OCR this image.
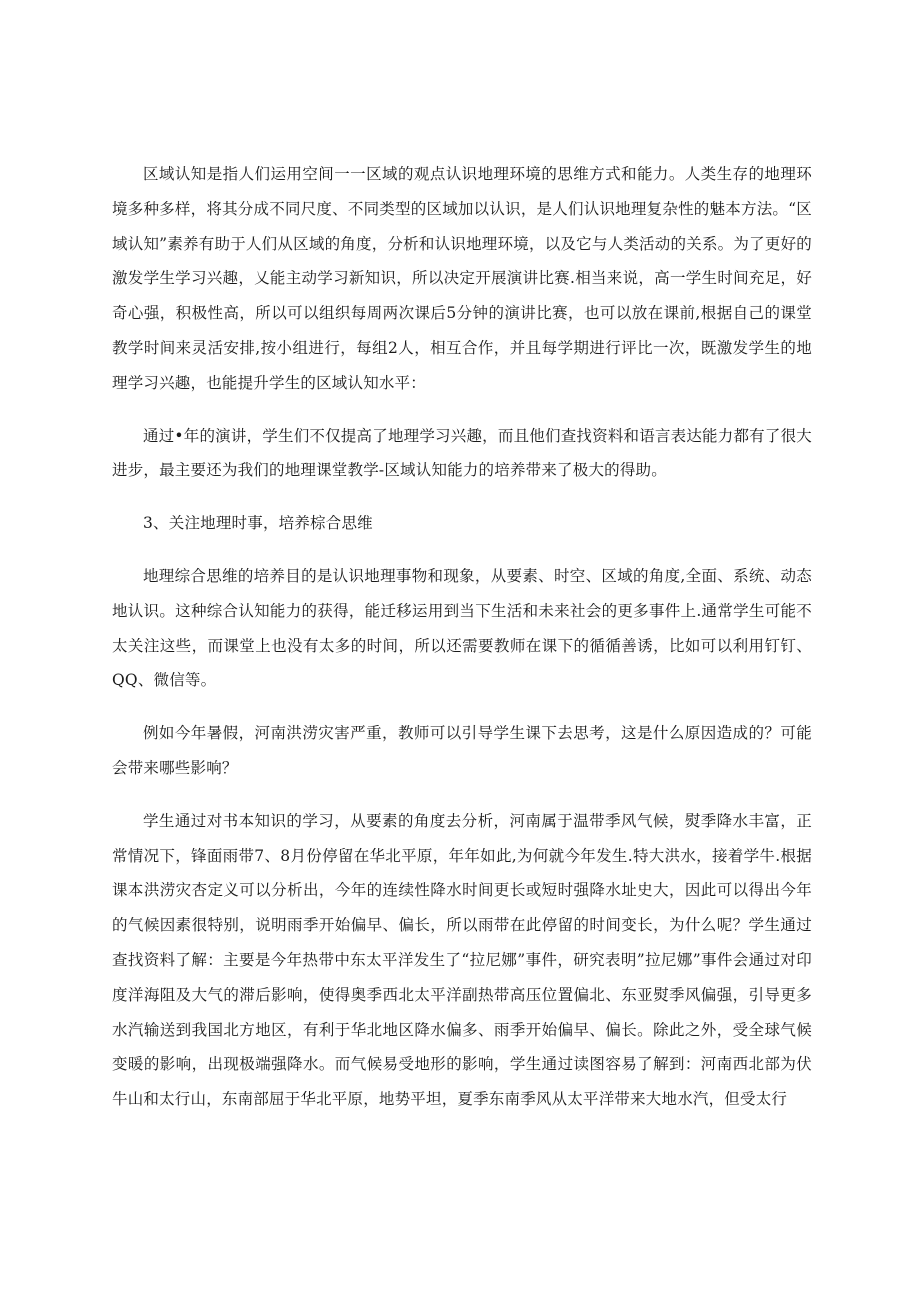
区域认知是指人们运用空间一一区域的观点认识地理环境的思维方式和能力。人类生存的地理环境多种多样，将其分成不同尺度、不同类型的区域加以认识，是人们认识地理复杂性的魅本方法。“区域认知”素养有助于人们从区域的角度，分析和认识地理环境，以及它与人类活动的关系。为了更好的激发学生学习兴趣，乂能主动学习新知识，所以决定开展演讲比赛.相当来说，高一学生时间充足，好奇心强，积极性高，所以可以组织每周两次课后5分钟的演讲比赛，也可以放在课前,根据自己的课堂教学时间来灵活安排,按小组进行，每组2人，相互合作，并且每学期进行评比一次，既激发学生的地理学习兴趣，也能提升学生的区域认知水平：

通过•年的演讲，学生们不仅提高了地理学习兴趣，而且他们查找资料和语言表达能力都有了很大进步，最主要还为我们的地理课堂教学-区域认知能力的培养带来了极大的得助。

3、关注地理时事，培养棕合思维

地理综合思维的培养目的是认识地理事物和现象，从要素、时空、区域的角度,全面、系统、动态地认识。这种综合认知能力的获得，能迁移运用到当下生活和未来社会的更多事件上.通常学生可能不太关注这些，而课堂上也没有太多的时间，所以还需要教师在课下的循循善诱，比如可以利用钉钉、QQ、微信等。

例如今年暑假，河南洪涝灾害严重，教师可以引导学生课下去思考，这是什么原因造成的？可能会带来哪些影响？

学生通过对书本知识的学习，从要素的角度去分析，河南属于温带季风气候，熨季降水丰富，正常情况下，锋面雨带7、8月份停留在华北平原，年年如此,为何就今年发生.特大洪水，接着学牛.根据课本洪涝灾杏定义可以分析出，今年的连续性降水时间更长或短时强降水址史大，因此可以得出今年的气候因素很特别，说明雨季开始偏早、偏长，所以雨带在此停留的时间变长，为什么呢？学生通过查找资料了解：主要是今年热带中东太平洋发生了“拉尼娜”事件，研究表明”拉尼娜”事件会通过对印度洋海阻及大气的滞后影响，使得奥季西北太平洋副热带高压位置偏北、东亚熨季风偏强，引导更多水汽输送到我国北方地区，有利于华北地区降水偏多、雨季开始偏早、偏长。除此之外，受全球气候变暖的影响，出现极端强降水。而气候易受地形的影响，学生通过读图容易了解到：河南西北部为伏牛山和太行山，东南部屈于华北平原，地势平坦，夏季东南季风从太平洋带来大地水汽，但受太行
